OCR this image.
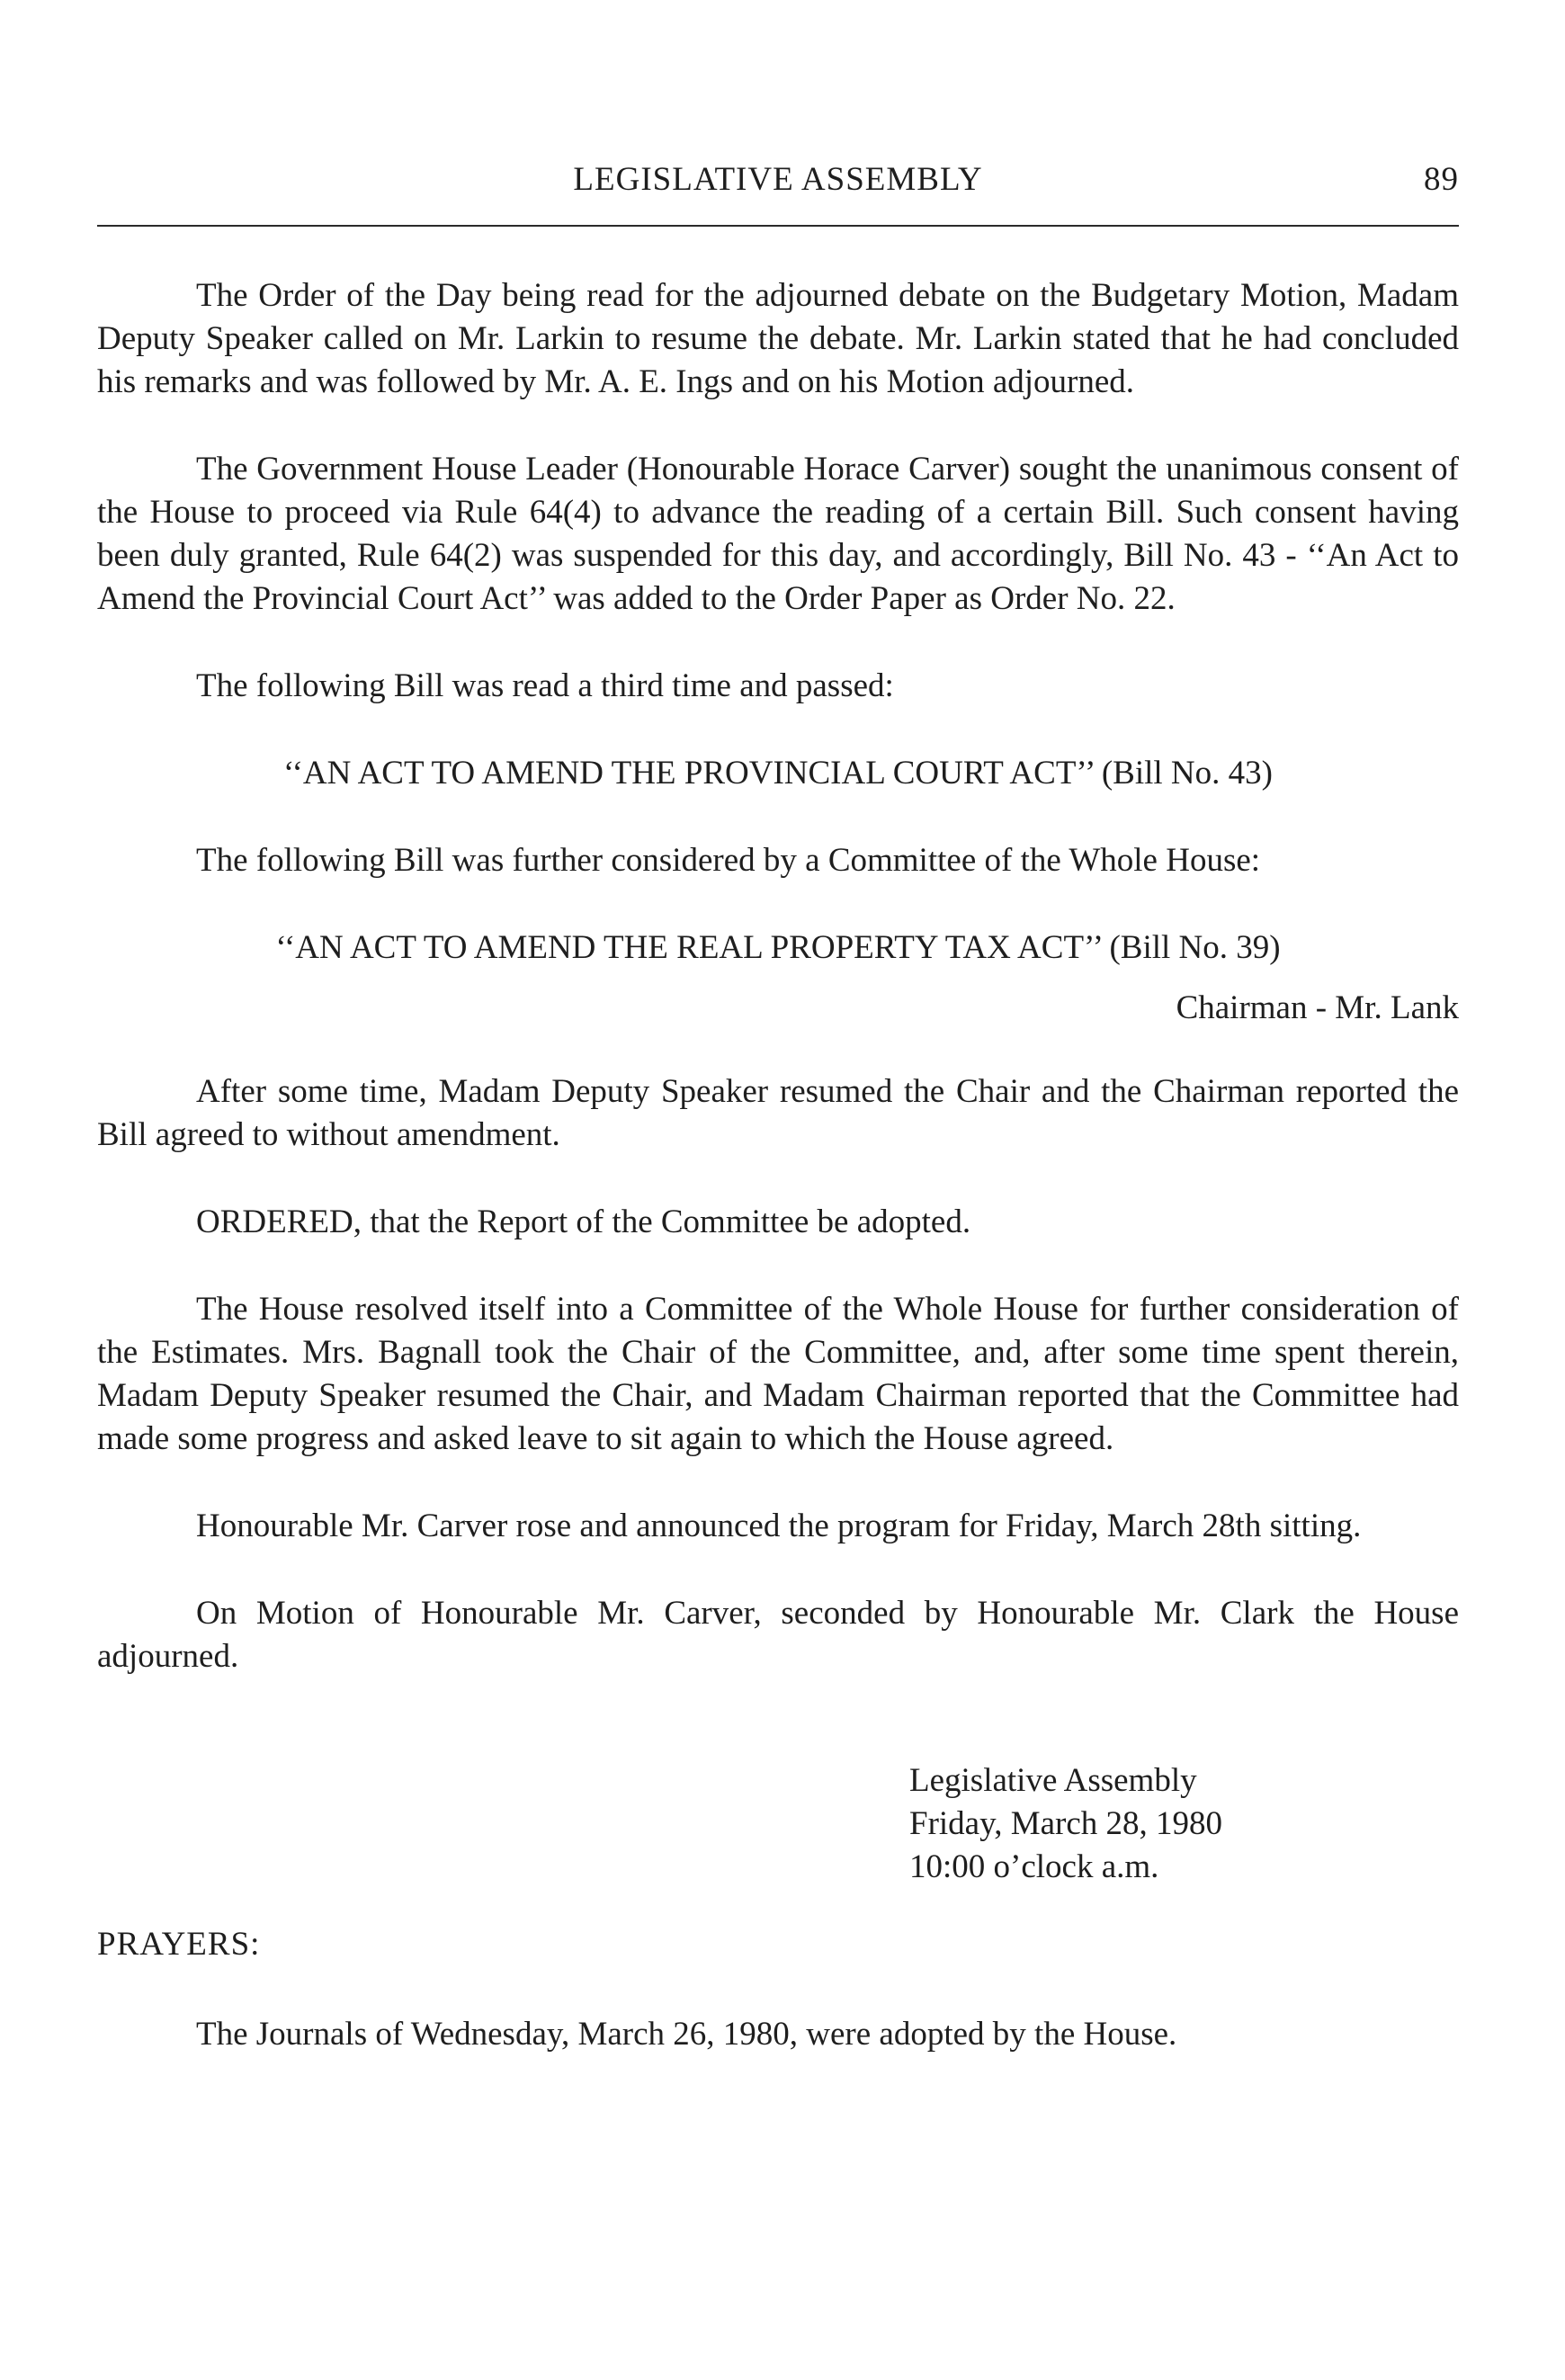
LEGISLATIVE ASSEMBLY	89

The Order of the Day being read for the adjourned debate on the Budgetary Motion, Madam Deputy Speaker called on Mr. Larkin to resume the debate. Mr. Larkin stated that he had concluded his remarks and was followed by Mr. A. E. Ings and on his Motion adjourned.

The Government House Leader (Honourable Horace Carver) sought the unanimous consent of the House to proceed via Rule 64(4) to advance the reading of a certain Bill. Such consent having been duly granted, Rule 64(2) was suspended for this day, and accordingly, Bill No. 43 - ‘‘An Act to Amend the Provincial Court Act’’ was added to the Order Paper as Order No. 22.

The following Bill was read a third time and passed:

‘‘AN ACT TO AMEND THE PROVINCIAL COURT ACT’’ (Bill No. 43)

The following Bill was further considered by a Committee of the Whole House:

‘‘AN ACT TO AMEND THE REAL PROPERTY TAX ACT’’ (Bill No. 39)
Chairman - Mr. Lank

After some time, Madam Deputy Speaker resumed the Chair and the Chairman reported the Bill agreed to without amendment.

ORDERED, that the Report of the Committee be adopted.

The House resolved itself into a Committee of the Whole House for further consideration of the Estimates. Mrs. Bagnall took the Chair of the Committee, and, after some time spent therein, Madam Deputy Speaker resumed the Chair, and Madam Chairman reported that the Committee had made some progress and asked leave to sit again to which the House agreed.

Honourable Mr. Carver rose and announced the program for Friday, March 28th sitting.

On Motion of Honourable Mr. Carver, seconded by Honourable Mr. Clark the House adjourned.

Legislative Assembly
Friday, March 28, 1980
10:00 o’clock a.m.
PRAYERS:

The Journals of Wednesday, March 26, 1980, were adopted by the House.
